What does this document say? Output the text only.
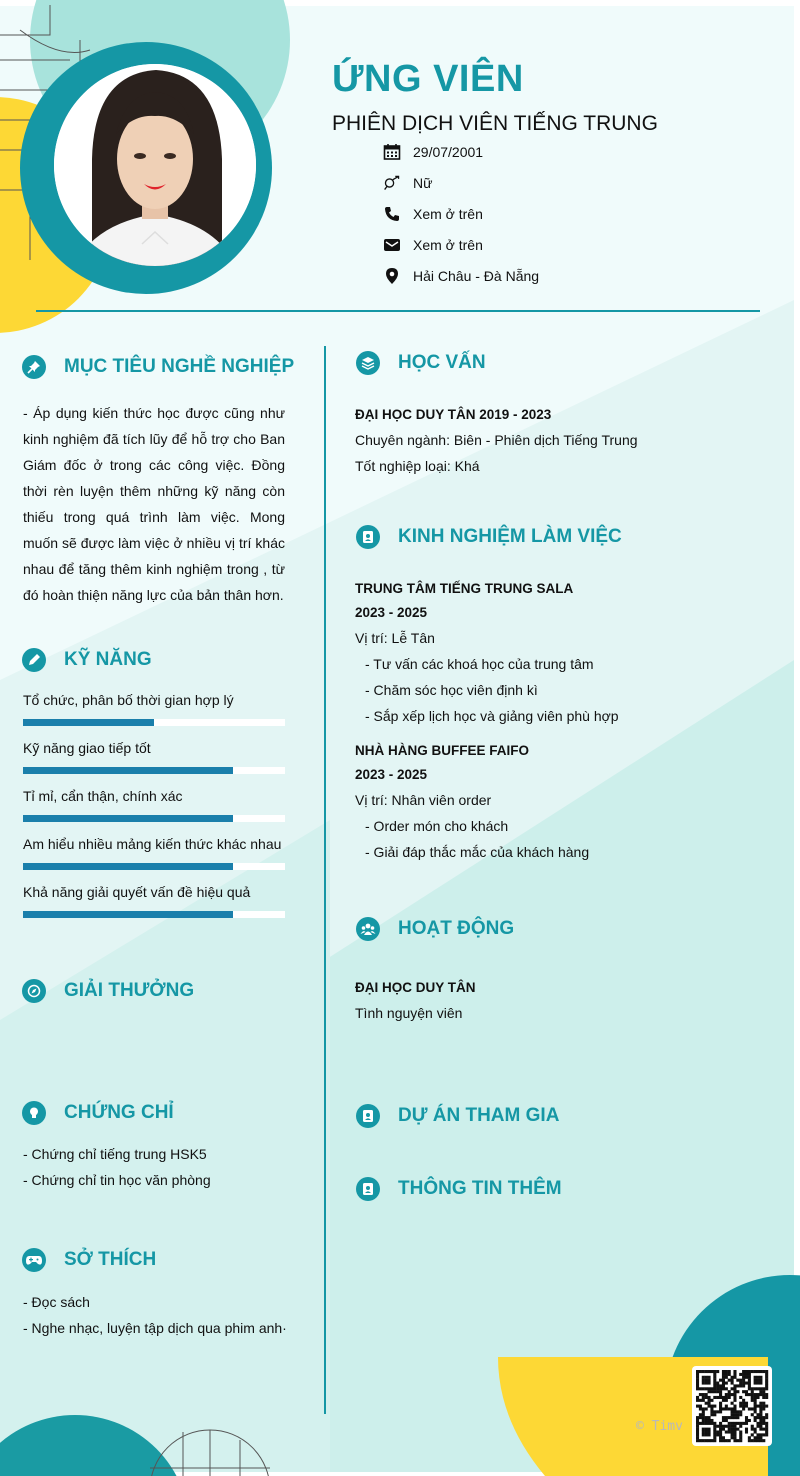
ỨNG VIÊN
PHIÊN DỊCH VIÊN TIẾNG TRUNG
29/07/2001
Nữ
Xem ở trên
Xem ở trên
Hải Châu - Đà Nẵng
MỤC TIÊU NGHỀ NGHIỆP
- Áp dụng kiến thức học được cũng như kinh nghiệm đã tích lũy để hỗ trợ cho Ban Giám đốc ở trong các công việc. Đồng thời rèn luyện thêm những kỹ năng còn thiếu trong quá trình làm việc. Mong muốn sẽ được làm việc ở nhiều vị trí khác nhau để tăng thêm kinh nghiệm trong , từ đó hoàn thiện năng lực của bản thân hơn.
KỸ NĂNG
Tổ chức, phân bố thời gian hợp lý
Kỹ năng giao tiếp tốt
Tỉ mỉ, cẩn thận, chính xác
Am hiểu nhiều mảng kiến thức khác nhau
Khả năng giải quyết vấn đề hiệu quả
GIẢI THƯỞNG
CHỨNG CHỈ
- Chứng chỉ tiếng trung HSK5
- Chứng chỉ tin học văn phòng
SỞ THÍCH
- Đọc sách
- Nghe nhạc, luyện tập dịch qua phim anh·
HỌC VẤN
ĐẠI HỌC DUY TÂN 2019 - 2023
Chuyên ngành: Biên - Phiên dịch Tiếng Trung
Tốt nghiệp loại: Khá
KINH NGHIỆM LÀM VIỆC
TRUNG TÂM TIẾNG TRUNG SALA
2023 - 2025
Vị trí: Lễ Tân
- Tư vấn các khoá học của trung tâm
- Chăm sóc học viên định kì
- Sắp xếp lịch học và giảng viên phù hợp
NHÀ HÀNG BUFFEE FAIFO
2023 - 2025
Vị trí: Nhân viên order
- Order món cho khách
- Giải đáp thắc mắc của khách hàng
HOẠT ĐỘNG
ĐẠI HỌC DUY TÂN
Tình nguyện viên
DỰ ÁN THAM GIA
THÔNG TIN THÊM
© Timv
